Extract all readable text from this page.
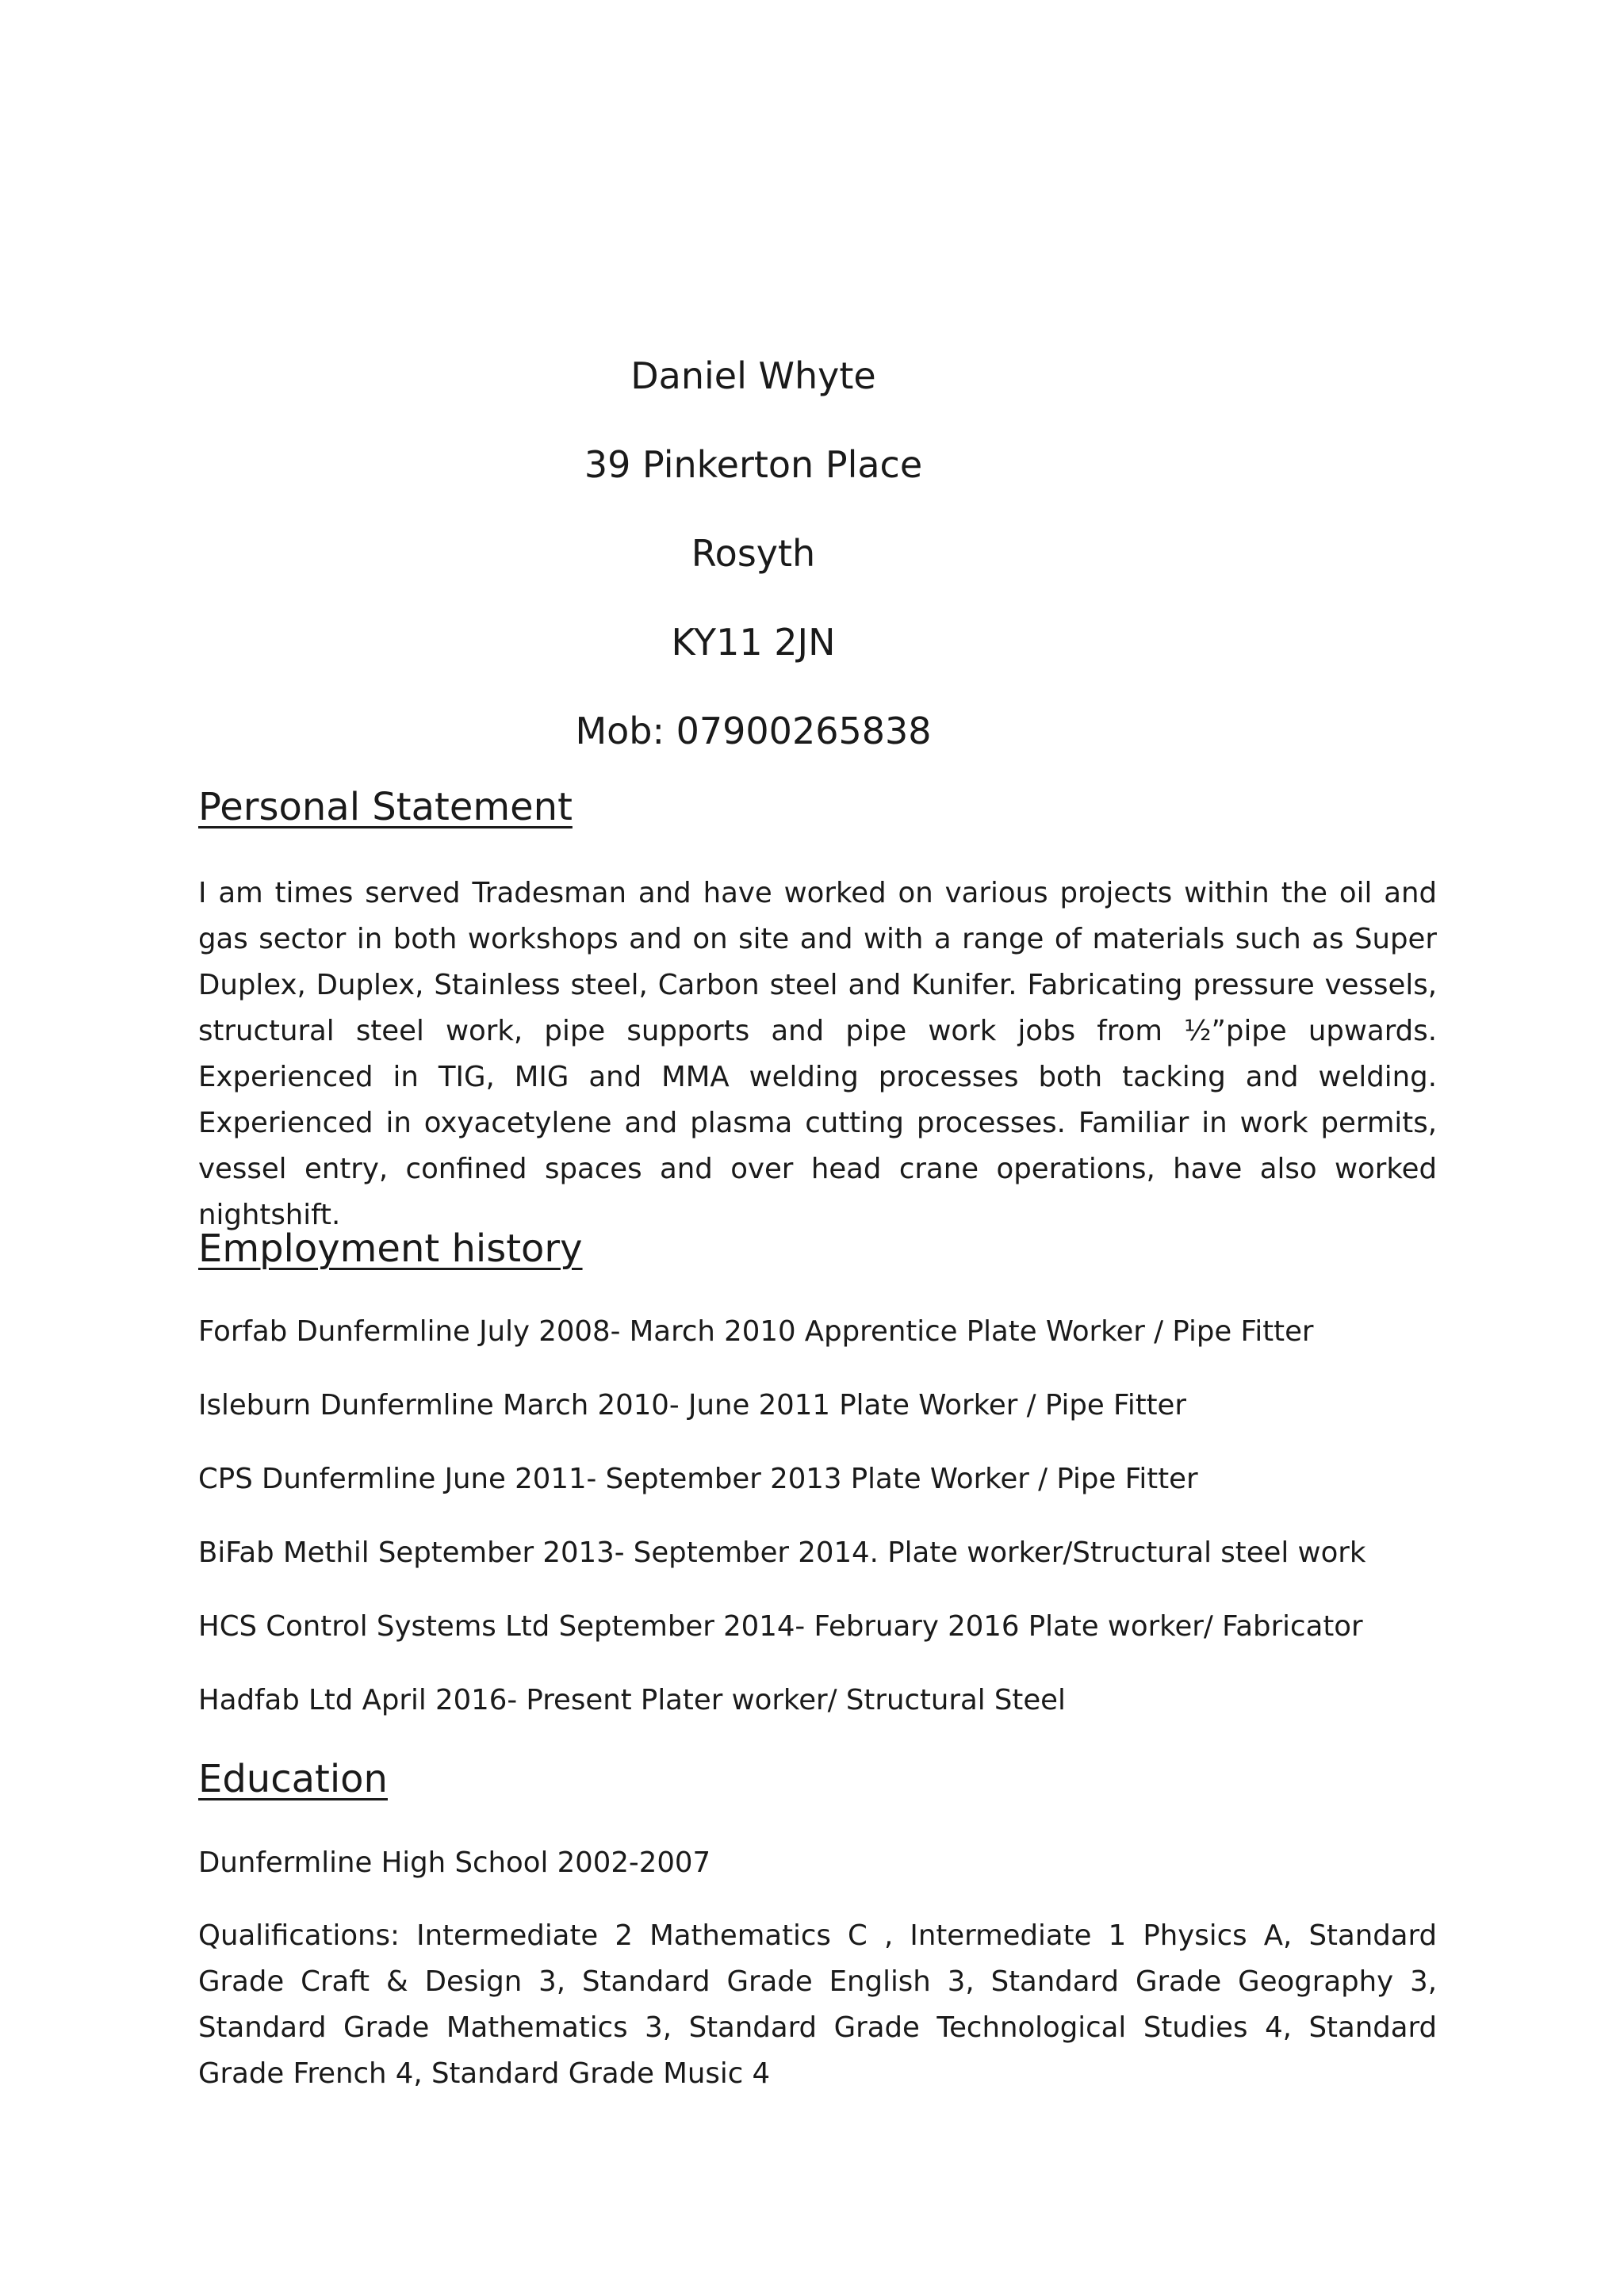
Daniel Whyte

39 Pinkerton Place

Rosyth

KY11 2JN

Mob: 07900265838

Personal Statement

I am times served Tradesman and have worked on various projects within the oil and gas sector in both workshops and on site and with a range of materials such as Super Duplex, Duplex, Stainless steel, Carbon steel and Kunifer. Fabricating pressure vessels, structural steel work, pipe supports and pipe work jobs from ½”pipe upwards. Experienced in TIG, MIG and MMA welding processes both tacking and welding. Experienced in oxyacetylene and plasma cutting processes. Familiar in work permits, vessel entry, confined spaces and over head crane operations, have also worked nightshift.

Employment history

Forfab Dunfermline July 2008- March 2010 Apprentice Plate Worker / Pipe Fitter

Isleburn Dunfermline March 2010- June 2011 Plate Worker / Pipe Fitter

CPS Dunfermline June 2011- September 2013 Plate Worker / Pipe Fitter

BiFab Methil September 2013- September 2014. Plate worker/Structural steel work

HCS Control Systems Ltd September 2014- February 2016 Plate worker/ Fabricator

Hadfab Ltd April 2016- Present Plater worker/ Structural Steel

Education

Dunfermline High School 2002-2007

Qualifications: Intermediate 2 Mathematics C , Intermediate 1 Physics A, Standard Grade Craft & Design 3, Standard Grade English 3, Standard Grade Geography 3, Standard Grade Mathematics 3, Standard Grade Technological Studies 4, Standard Grade French 4, Standard Grade Music 4
